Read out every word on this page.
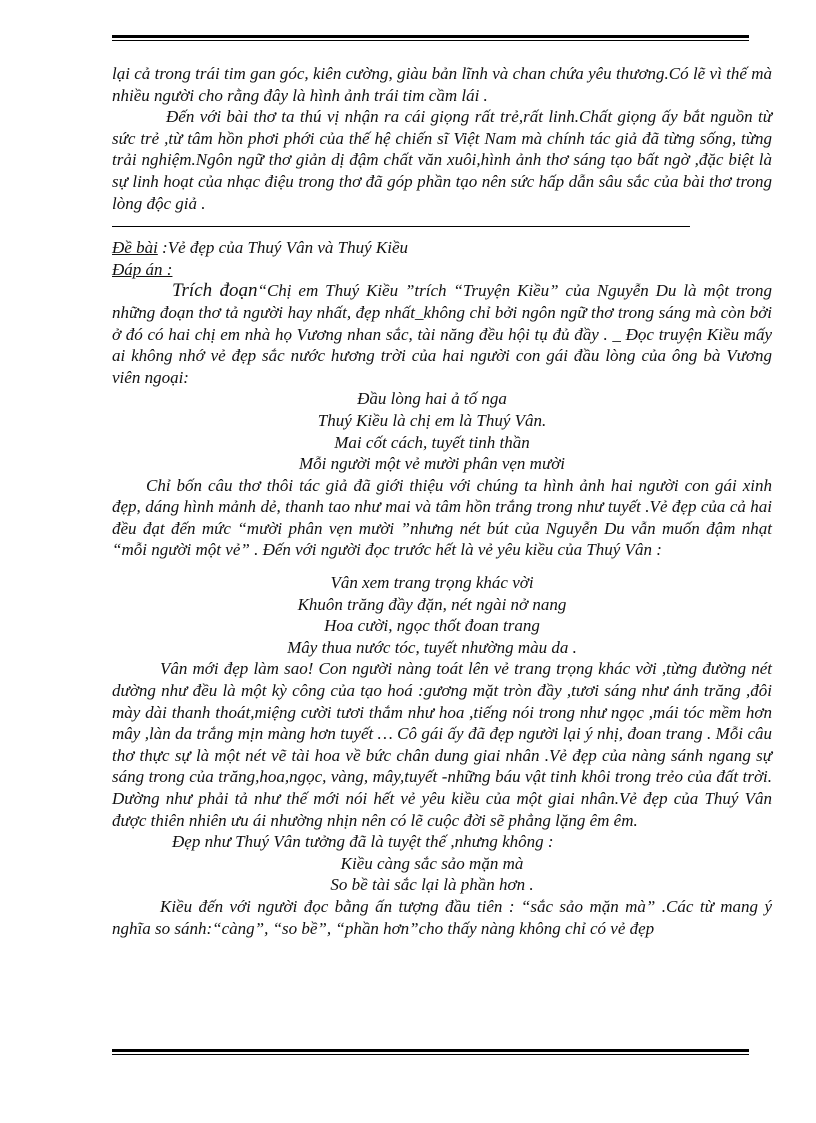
lại cả trong trái tim gan góc, kiên cường, giàu bản lĩnh và chan chứa yêu thương.Có lẽ vì thế mà nhiều người cho rằng đây là hình ảnh trái tim cầm lái .

Đến với bài thơ ta thú vị nhận ra cái giọng rất trẻ,rất linh.Chất giọng ấy bắt nguồn từ sức trẻ ,từ tâm hồn phơi phới của thế hệ chiến sĩ Việt Nam mà chính tác giả đã từng sống, từng trải nghiệm.Ngôn ngữ thơ giản dị đậm chất văn xuôi,hình ảnh thơ sáng tạo bất ngờ ,đặc biệt là sự linh hoạt của nhạc điệu trong thơ đã góp phần tạo nên sức hấp dẫn sâu sắc của bài thơ trong lòng độc giả .

Đề bài :Vẻ đẹp của Thuý Vân và Thuý Kiều

Đáp án :

Trích đoạn“Chị em Thuý Kiều ”trích “Truyện Kiều” của Nguyễn Du là một trong những đoạn thơ tả người hay nhất, đẹp nhất_không chỉ bởi ngôn ngữ thơ trong sáng mà còn bởi ở đó có hai chị em nhà họ Vương nhan sắc, tài năng đều hội tụ đủ đầy . _ Đọc truyện Kiều mấy ai không nhớ vẻ đẹp sắc nước hương trời của hai người con gái đầu lòng của ông bà Vương viên ngoại:

Đầu lòng hai ả tố nga
Thuý Kiều là chị em là Thuý Vân.
Mai cốt cách, tuyết tinh thần
Mỗi người một vẻ mười phân vẹn mười

Chỉ bốn câu thơ thôi tác giả đã giới thiệu với chúng ta hình ảnh hai người con gái xinh đẹp, dáng hình mảnh dẻ, thanh tao như mai và tâm hồn trắng trong như tuyết .Vẻ đẹp của cả hai đều đạt đến mức “mười phân vẹn mười ”nhưng nét bút của Nguyễn Du vẫn muốn đậm nhạt “mỗi người một vẻ” . Đến với người đọc trước hết là vẻ yêu kiều của Thuý Vân :

Vân xem trang trọng khác vời
Khuôn trăng đầy đặn, nét ngài nở nang
Hoa cười, ngọc thốt đoan trang
Mây thua nước tóc, tuyết nhường màu da .

Vân mới đẹp làm sao! Con người nàng toát lên vẻ trang trọng khác vời ,từng đường nét dường như đều là một kỳ công của tạo hoá :gương mặt tròn đầy ,tươi sáng như ánh trăng ,đôi mày dài thanh thoát,miệng cười tươi thắm như hoa ,tiếng nói trong như ngọc ,mái tóc mềm hơn mây ,làn da trắng mịn màng hơn tuyết … Cô gái ấy đã đẹp người lại ý nhị, đoan trang . Mỗi câu thơ thực sự là một nét vẽ tài hoa về bức chân dung giai nhân .Vẻ đẹp của nàng sánh ngang sự sáng trong của trăng,hoa,ngọc, vàng, mây,tuyết -những báu vật tinh khôi trong trẻo của đất trời. Dường như phải tả như thế mới nói hết vẻ yêu kiều của một giai nhân.Vẻ đẹp của Thuý Vân được thiên nhiên ưu ái nhường nhịn nên có lẽ cuộc đời sẽ phẳng lặng êm êm.

Đẹp như Thuý Vân tưởng đã là tuyệt thế ,nhưng không :

Kiều càng sắc sảo mặn mà
So bề tài sắc lại là phần hơn .

Kiều đến với người đọc bằng ấn tượng đầu tiên : “sắc sảo mặn mà” .Các từ mang ý nghĩa so sánh:“càng”, “so bề”, “phần hơn”cho thấy nàng không chỉ có vẻ đẹp
